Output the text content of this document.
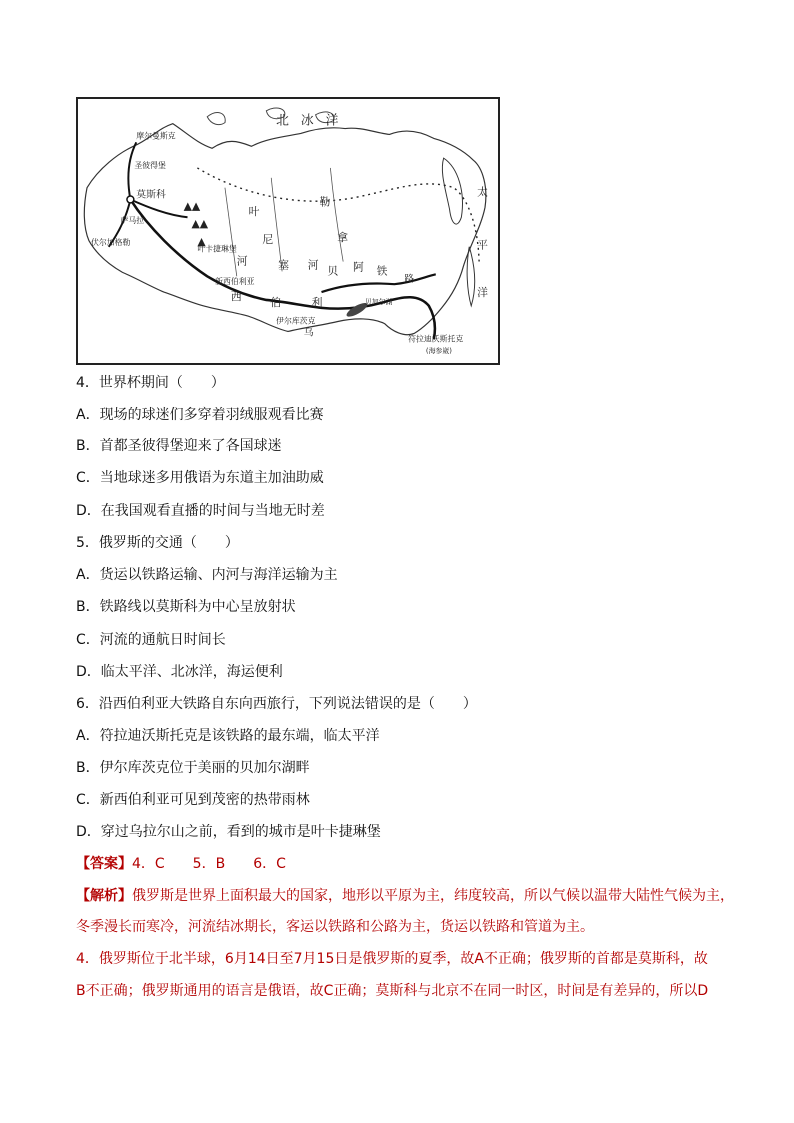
▲▲
▲▲
▲
北 冰 洋
摩尔曼斯克
圣彼得堡
莫斯科
萨马拉
伏尔加格勒
叶卡捷琳堡
新西伯利亚
伊尔库茨克
贝加尔湖
乌
西	伯	利
叶
尼
塞
河
勒
拿
河 贝 阿 铁
路
太
平
洋
符拉迪沃斯托克
(海参崴)
4．世界杯期间（　　）
A．现场的球迷们多穿着羽绒服观看比赛
B．首都圣彼得堡迎来了各国球迷
C．当地球迷多用俄语为东道主加油助威
D．在我国观看直播的时间与当地无时差
5．俄罗斯的交通（　　）
A．货运以铁路运输、内河与海洋运输为主
B．铁路线以莫斯科为中心呈放射状
C．河流的通航日时间长
D．临太平洋、北冰洋，海运便利
6．沿西伯利亚大铁路自东向西旅行，下列说法错误的是（　　）
A．符拉迪沃斯托克是该铁路的最东端，临太平洋
B．伊尔库茨克位于美丽的贝加尔湖畔
C．新西伯利亚可见到茂密的热带雨林
D．穿过乌拉尔山之前，看到的城市是叶卡捷琳堡
【答案】4．C　　5．B　　6．C
【解析】俄罗斯是世界上面积最大的国家，地形以平原为主，纬度较高，所以气候以温带大陆性气候为主，
冬季漫长而寒冷，河流结冰期长，客运以铁路和公路为主，货运以铁路和管道为主。
4．俄罗斯位于北半球，6月14日至7月15日是俄罗斯的夏季，故A不正确；俄罗斯的首都是莫斯科，故
B不正确；俄罗斯通用的语言是俄语，故C正确；莫斯科与北京不在同一时区，时间是有差异的，所以D
